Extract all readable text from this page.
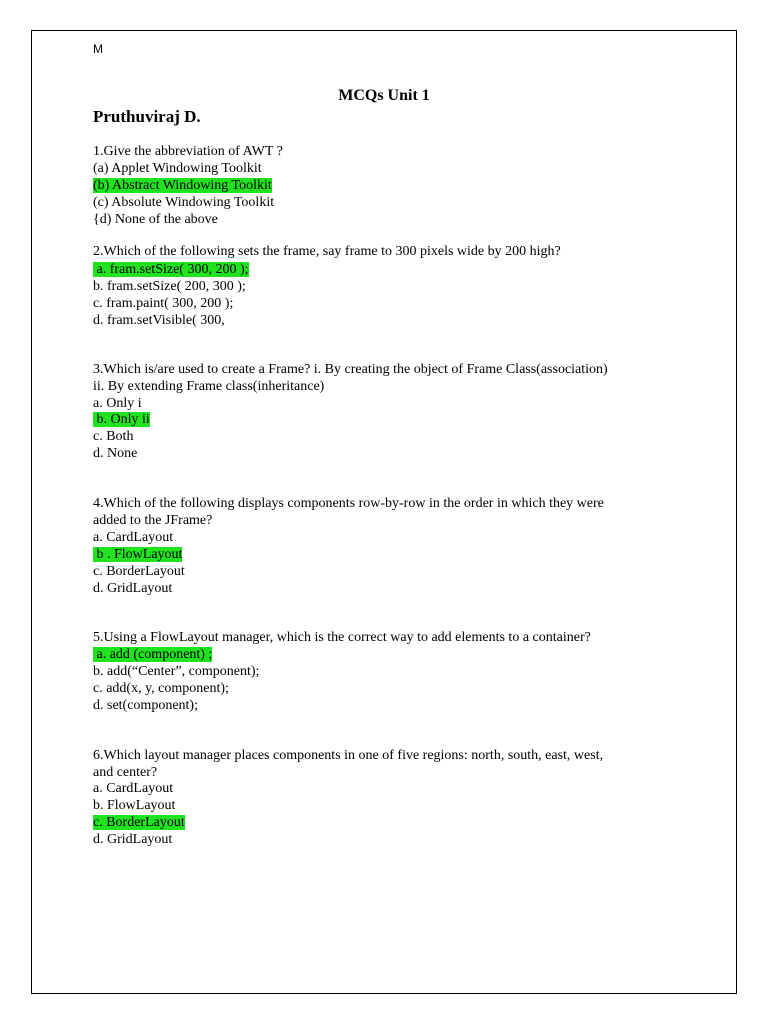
M
MCQs Unit 1
Pruthuviraj D.
1.Give the abbreviation of AWT ?
(a) Applet Windowing Toolkit
(b) Abstract Windowing Toolkit
(c) Absolute Windowing Toolkit
{d) None of the above
2.Which of the following sets the frame, say frame to 300 pixels wide by 200 high?
a. fram.setSize( 300, 200 );
b. fram.setSize( 200, 300 );
c. fram.paint( 300, 200 );
d. fram.setVisible( 300,
3.Which is/are used to create a Frame? i. By creating the object of Frame Class(association)
ii. By extending Frame class(inheritance)
a. Only i
b. Only ii
c. Both
d. None
4.Which of the following displays components row-by-row in the order in which they were
added to the JFrame?
a. CardLayout
b . FlowLayout
c. BorderLayout
d. GridLayout
5.Using a FlowLayout manager, which is the correct way to add elements to a container?
a. add (component) ;
b. add(“Center”, component);
c. add(x, y, component);
d. set(component);
6.Which layout manager places components in one of five regions: north, south, east, west,
and center?
a. CardLayout
b. FlowLayout
c. BorderLayout
d. GridLayout
